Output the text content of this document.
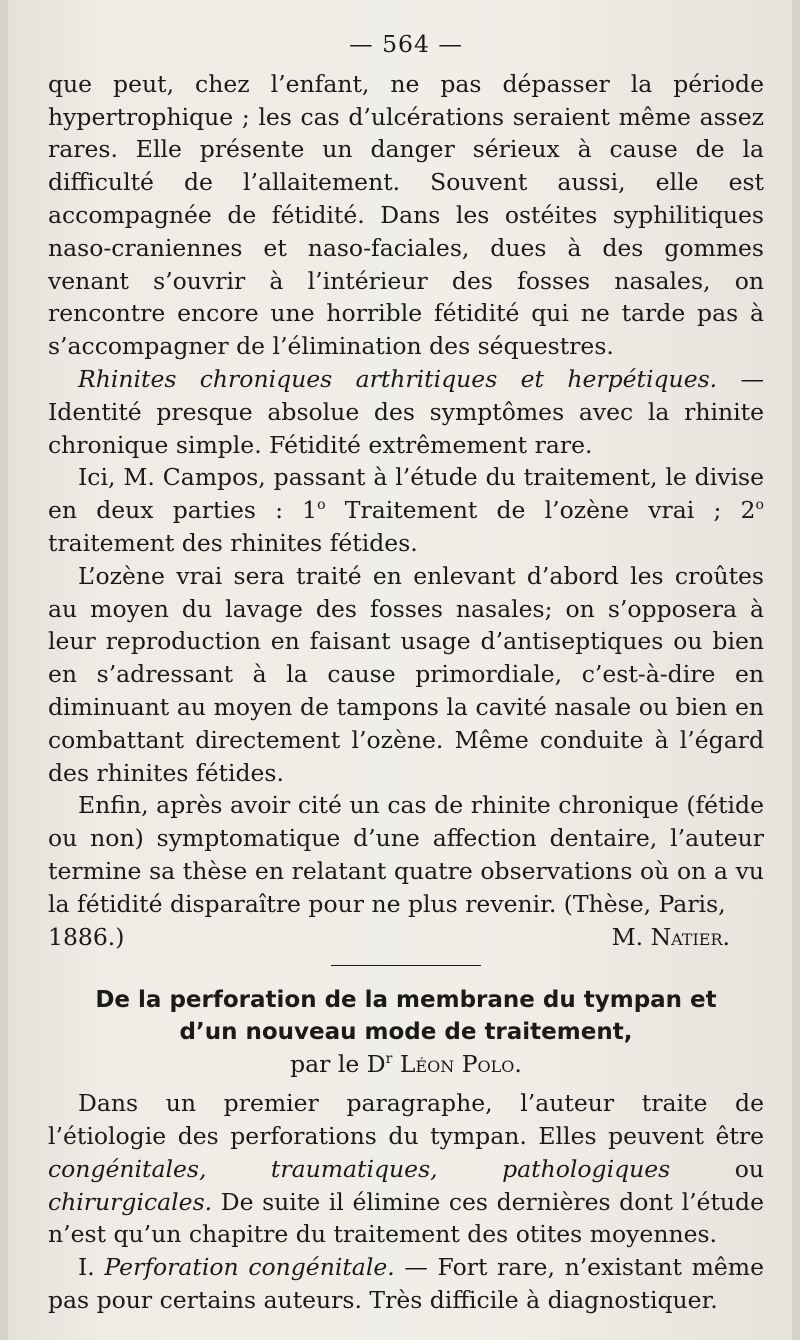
— 564 —

que peut, chez l’enfant, ne pas dépasser la période hypertrophique ; les cas d’ulcérations seraient même assez rares. Elle présente un danger sérieux à cause de la difficulté de l’allaitement. Souvent aussi, elle est accompagnée de fétidité. Dans les ostéites syphilitiques naso-craniennes et naso-faciales, dues à des gommes venant s’ouvrir à l’intérieur des fosses nasales, on rencontre encore une horrible fétidité qui ne tarde pas à s’accompagner de l’élimination des séquestres.

Rhinites chroniques arthritiques et herpétiques. — Identité presque absolue des symptômes avec la rhinite chronique simple. Fétidité extrêmement rare.

Ici, M. Campos, passant à l’étude du traitement, le divise en deux parties : 1$^o$ Traitement de l’ozène vrai ; 2$^o$ traitement des rhinites fétides.

L’ozène vrai sera traité en enlevant d’abord les croûtes au moyen du lavage des fosses nasales; on s’opposera à leur reproduction en faisant usage d’antiseptiques ou bien en s’adressant à la cause primordiale, c’est-à-dire en diminuant au moyen de tampons la cavité nasale ou bien en combattant directement l’ozène. Même conduite à l’égard des rhinites fétides.

Enfin, après avoir cité un cas de rhinite chronique (fétide ou non) symptomatique d’une affection dentaire, l’auteur termine sa thèse en relatant quatre observations où on a vu la fétidité disparaître pour ne plus revenir. (Thèse, Paris,

1886.)	M. Natier.
De la perforation de la membrane du tympan et
d’un nouveau mode de traitement,
par le $D^r$ Léon Polo.

Dans un premier paragraphe, l’auteur traite de l’étiologie des perforations du tympan. Elles peuvent être congénitales, traumatiques, pathologiques ou chirurgicales. De suite il élimine ces dernières dont l’étude n’est qu’un chapitre du traitement des otites moyennes.

I. Perforation congénitale. — Fort rare, n’existant même pas pour certains auteurs. Très difficile à diagnostiquer.
